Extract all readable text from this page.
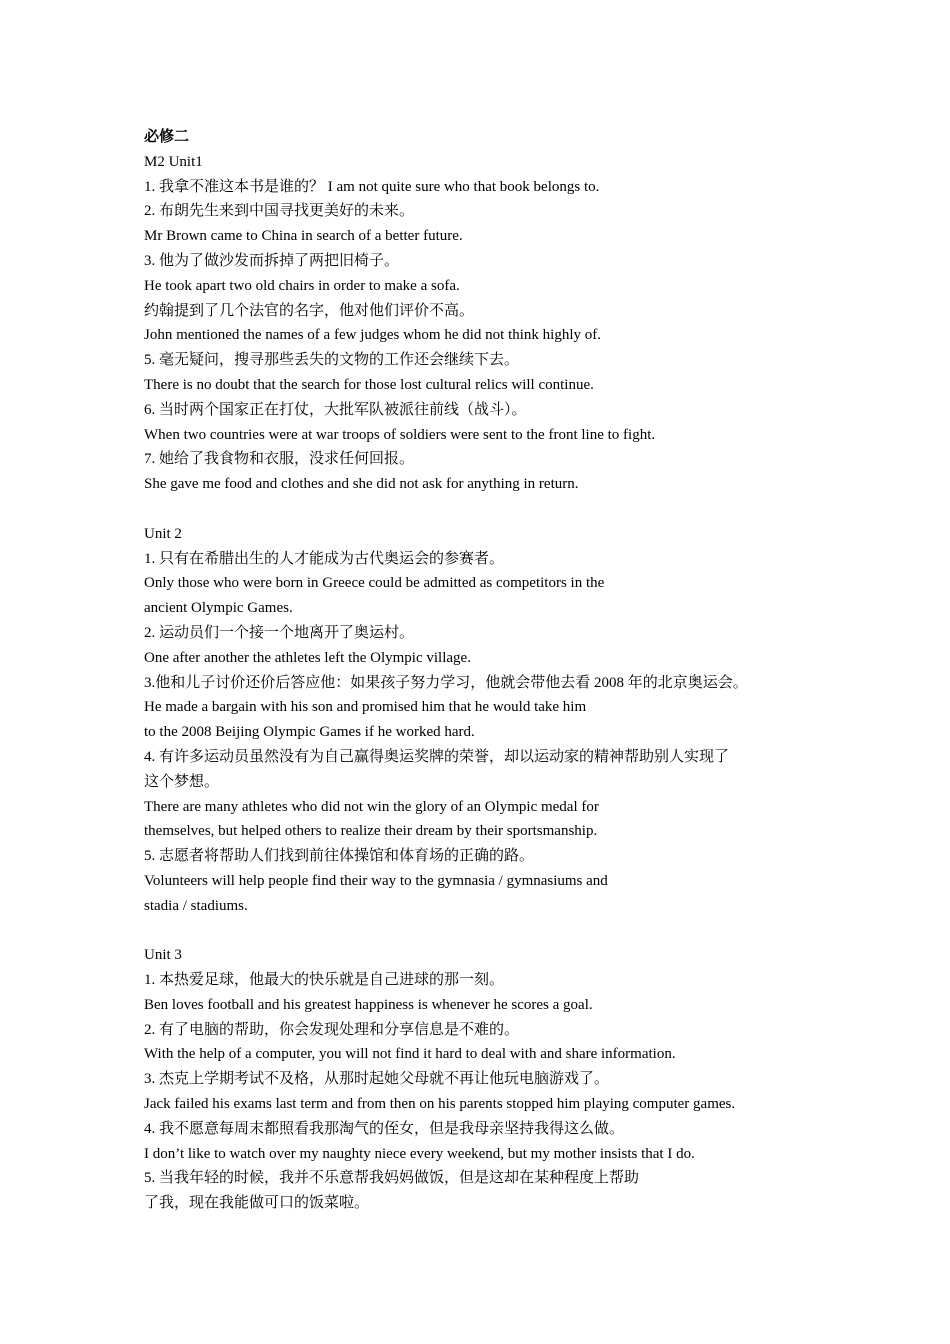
必修二

M2 Unit1

1. 我拿不准这本书是谁的？ I am not quite sure who that book belongs to.

2. 布朗先生来到中国寻找更美好的未来。

Mr Brown came to China in search of a better future.

3. 他为了做沙发而拆掉了两把旧椅子。

He took apart two old chairs in order to make a sofa.

约翰提到了几个法官的名字，他对他们评价不高。

John mentioned the names of a few judges whom he did not think highly of.

5. 毫无疑问，搜寻那些丢失的文物的工作还会继续下去。

There is no doubt that the search for those lost cultural relics will continue.

6. 当时两个国家正在打仗，大批军队被派往前线（战斗）。

When two countries were at war troops of soldiers were sent to the front line to fight.

7. 她给了我食物和衣服，没求任何回报。

She gave me food and clothes and she did not ask for anything in return.

Unit 2

1. 只有在希腊出生的人才能成为古代奥运会的参赛者。

Only those who were born in Greece could be admitted as competitors in the

ancient Olympic Games.

2. 运动员们一个接一个地离开了奥运村。

One after another the athletes left the Olympic village.

3.他和儿子讨价还价后答应他：如果孩子努力学习，他就会带他去看 2008 年的北京奥运会。

He made a bargain with his son and promised him that he would take him

to the 2008 Beijing Olympic Games if he worked hard.

4. 有许多运动员虽然没有为自己赢得奥运奖牌的荣誉，却以运动家的精神帮助别人实现了

这个梦想。

There are many athletes who did not win the glory of an Olympic medal for

themselves, but helped others to realize their dream by their sportsmanship.

5. 志愿者将帮助人们找到前往体操馆和体育场的正确的路。

Volunteers will help people find their way to the gymnasia / gymnasiums and

stadia / stadiums.

Unit 3

1. 本热爱足球，他最大的快乐就是自己进球的那一刻。

Ben loves football and his greatest happiness is whenever he scores a goal.

2. 有了电脑的帮助，你会发现处理和分享信息是不难的。

With the help of a computer, you will not find it hard to deal with and share information.

3. 杰克上学期考试不及格，从那时起她父母就不再让他玩电脑游戏了。

Jack failed his exams last term and from then on his parents stopped him playing computer games.

4. 我不愿意每周末都照看我那淘气的侄女，但是我母亲坚持我得这么做。

I don’t like to watch over my naughty niece every weekend, but my mother insists that I do.

5. 当我年轻的时候，我并不乐意帮我妈妈做饭，但是这却在某种程度上帮助

了我，现在我能做可口的饭菜啦。
